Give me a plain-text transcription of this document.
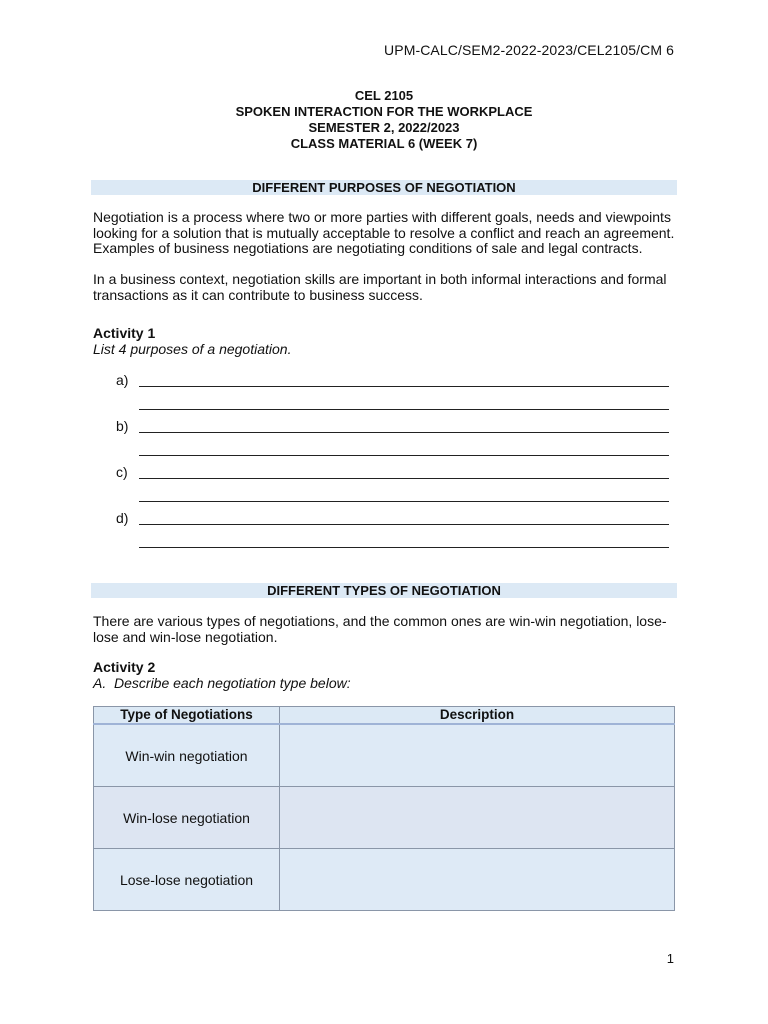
UPM-CALC/SEM2-2022-2023/CEL2105/CM 6
CEL 2105
SPOKEN INTERACTION FOR THE WORKPLACE
SEMESTER 2, 2022/2023
CLASS MATERIAL 6 (WEEK 7)
DIFFERENT PURPOSES OF NEGOTIATION
Negotiation is a process where two or more parties with different goals, needs and viewpoints looking for a solution that is mutually acceptable to resolve a conflict and reach an agreement. Examples of business negotiations are negotiating conditions of sale and legal contracts.
In a business context, negotiation skills are important in both informal interactions and formal transactions as it can contribute to business success.
Activity 1
List 4 purposes of a negotiation.
a)
b)
c)
d)
DIFFERENT TYPES OF NEGOTIATION
There are various types of negotiations, and the common ones are win-win negotiation, lose-lose and win-lose negotiation.
Activity 2
A.  Describe each negotiation type below:
Type of Negotiations	Description
Win-win negotiation	
Win-lose negotiation	
Lose-lose negotiation	
1
